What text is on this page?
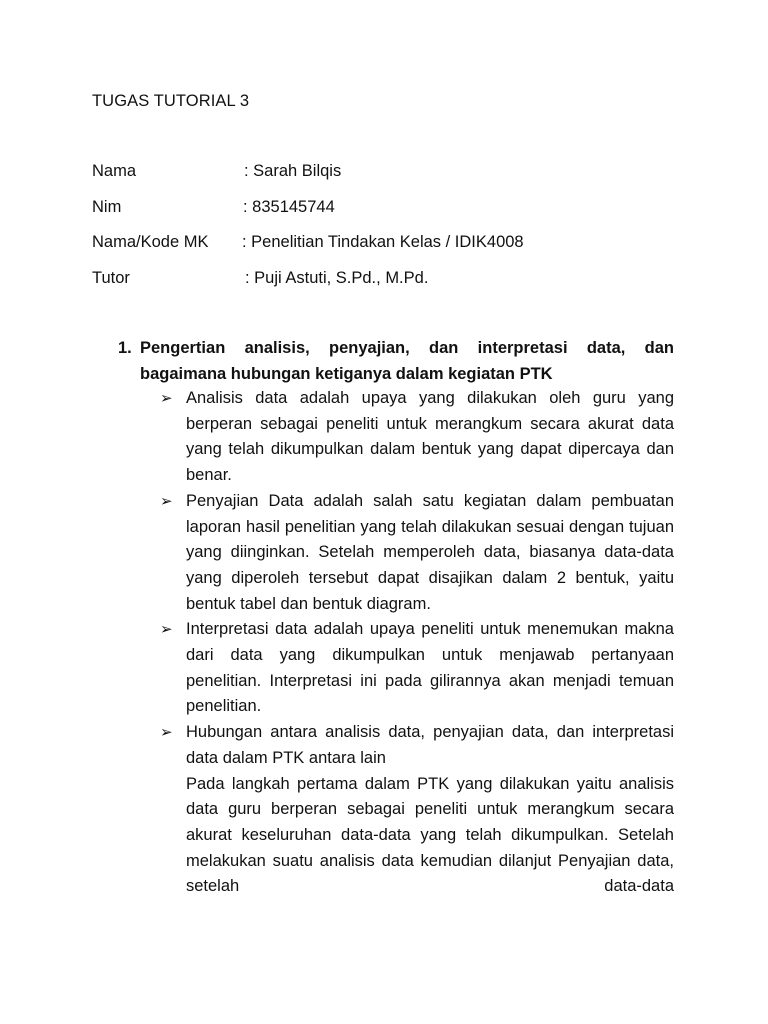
TUGAS TUTORIAL 3
Nama	: Sarah Bilqis
Nim	: 835145744
Nama/Kode MK : Penelitian Tindakan Kelas / IDIK4008
Tutor	: Puji Astuti, S.Pd., M.Pd.
1. Pengertian analisis, penyajian, dan interpretasi data, dan bagaimana hubungan ketiganya dalam kegiatan PTK
➢ Analisis data adalah upaya yang dilakukan oleh guru yang berperan sebagai peneliti untuk merangkum secara akurat data yang telah dikumpulkan dalam bentuk yang dapat dipercaya dan benar.
➢ Penyajian Data adalah salah satu kegiatan dalam pembuatan laporan hasil penelitian yang telah dilakukan sesuai dengan tujuan yang diinginkan. Setelah memperoleh data, biasanya data-data yang diperoleh tersebut dapat disajikan dalam 2 bentuk, yaitu bentuk tabel dan bentuk diagram.
➢ Interpretasi data adalah upaya peneliti untuk menemukan makna dari data yang dikumpulkan untuk menjawab pertanyaan penelitian. Interpretasi ini pada gilirannya akan menjadi temuan penelitian.
➢ Hubungan antara analisis data, penyajian data, dan interpretasi data dalam PTK antara lain
Pada langkah pertama dalam PTK yang dilakukan yaitu analisis data guru berperan sebagai peneliti untuk merangkum secara akurat keseluruhan data-data yang telah dikumpulkan. Setelah melakukan suatu analisis data kemudian dilanjut Penyajian data, setelah data-data
